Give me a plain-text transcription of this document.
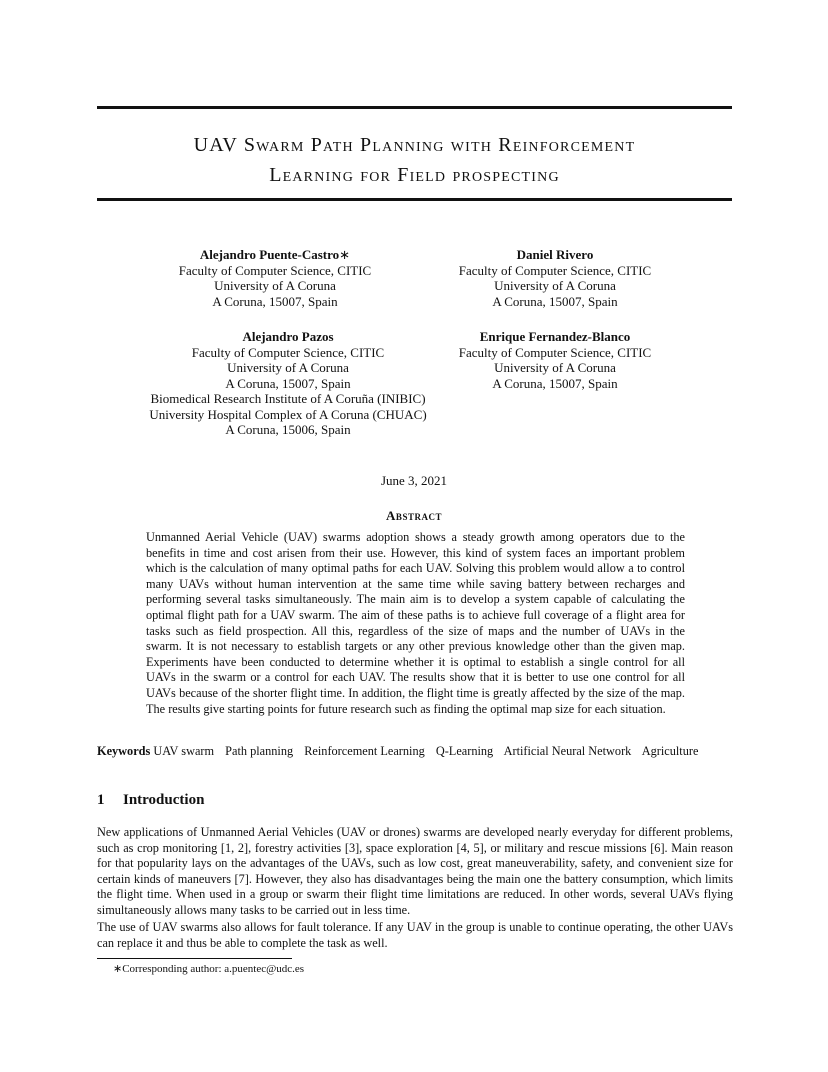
UAV Swarm Path Planning with Reinforcement
Learning for Field prospecting
Alejandro Puente-Castro∗
Faculty of Computer Science, CITIC
University of A Coruna
A Coruna, 15007, Spain
Daniel Rivero
Faculty of Computer Science, CITIC
University of A Coruna
A Coruna, 15007, Spain
Alejandro Pazos
Faculty of Computer Science, CITIC
University of A Coruna
A Coruna, 15007, Spain
Biomedical Research Institute of A Coruña (INIBIC)
University Hospital Complex of A Coruna (CHUAC)
A Coruna, 15006, Spain
Enrique Fernandez-Blanco
Faculty of Computer Science, CITIC
University of A Coruna
A Coruna, 15007, Spain
June 3, 2021
Abstract
Unmanned Aerial Vehicle (UAV) swarms adoption shows a steady growth among operators due to the benefits in time and cost arisen from their use. However, this kind of system faces an important problem which is the calculation of many optimal paths for each UAV. Solving this problem would allow a to control many UAVs without human intervention at the same time while saving battery between recharges and performing several tasks simultaneously. The main aim is to develop a system capable of calculating the optimal flight path for a UAV swarm. The aim of these paths is to achieve full coverage of a flight area for tasks such as field prospection. All this, regardless of the size of maps and the number of UAVs in the swarm. It is not necessary to establish targets or any other previous knowledge other than the given map. Experiments have been conducted to determine whether it is optimal to establish a single control for all UAVs in the swarm or a control for each UAV. The results show that it is better to use one control for all UAVs because of the shorter flight time. In addition, the flight time is greatly affected by the size of the map. The results give starting points for future research such as finding the optimal map size for each situation.
Keywords UAV swarm Path planning Reinforcement Learning Q-Learning Artificial Neural Network Agriculture
1 Introduction
New applications of Unmanned Aerial Vehicles (UAV or drones) swarms are developed nearly everyday for different problems, such as crop monitoring [1, 2], forestry activities [3], space exploration [4, 5], or military and rescue missions [6]. Main reason for that popularity lays on the advantages of the UAVs, such as low cost, great maneuverability, safety, and convenient size for certain kinds of maneuvers [7]. However, they also has disadvantages being the main one the battery consumption, which limits the flight time. When used in a group or swarm their flight time limitations are reduced. In other words, several UAVs flying simultaneously allows many tasks to be carried out in less time.
The use of UAV swarms also allows for fault tolerance. If any UAV in the group is unable to continue operating, the other UAVs can replace it and thus be able to complete the task as well.
∗Corresponding author: a.puentec@udc.es
